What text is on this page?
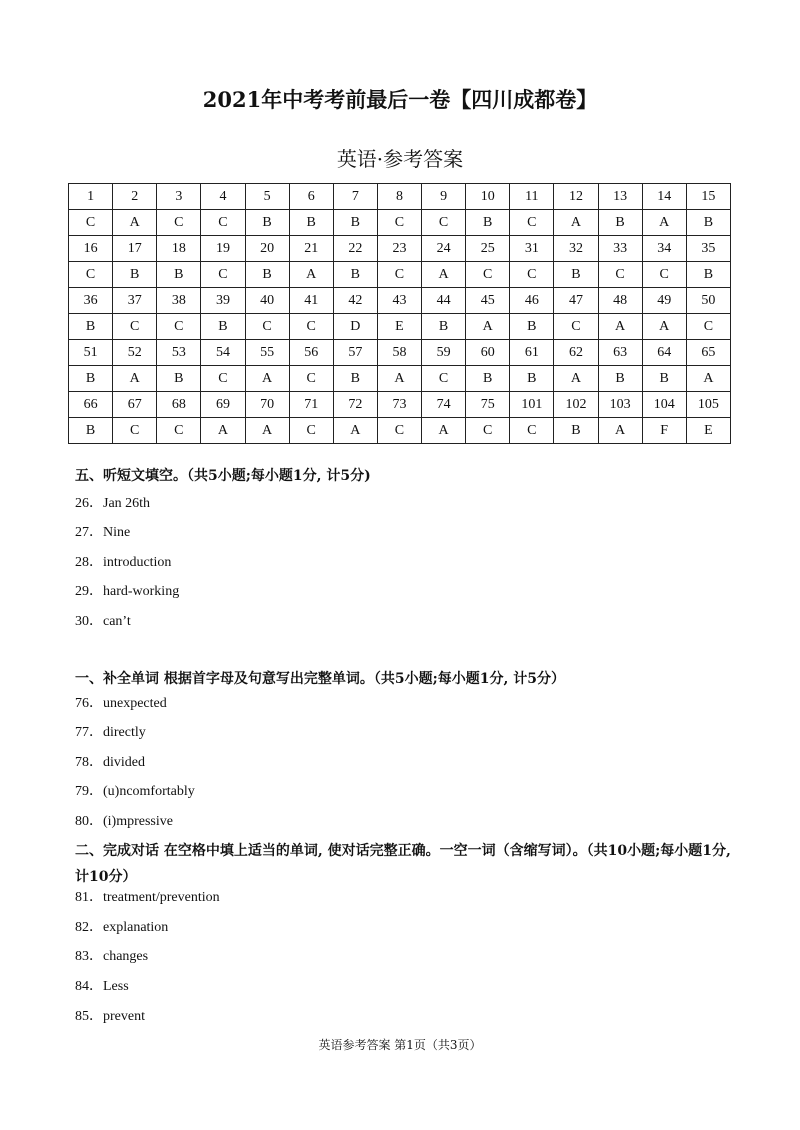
2021年中考考前最后一卷【四川成都卷】
英语·参考答案
1	2	3	4	5	6	7	8	9	10	11	12	13	14	15
C	A	C	C	B	B	B	C	C	B	C	A	B	A	B
16	17	18	19	20	21	22	23	24	25	31	32	33	34	35
C	B	B	C	B	A	B	C	A	C	C	B	C	C	B
36	37	38	39	40	41	42	43	44	45	46	47	48	49	50
B	C	C	B	C	C	D	E	B	A	B	C	A	A	C
51	52	53	54	55	56	57	58	59	60	61	62	63	64	65
B	A	B	C	A	C	B	A	C	B	B	A	B	B	A
66	67	68	69	70	71	72	73	74	75	101	102	103	104	105
B	C	C	A	A	C	A	C	A	C	C	B	A	F	E
五、听短文填空。（共5小题;每小题1分, 计5分)
26．Jan 26th
27．Nine
28．introduction
29．hard-working
30．can’t
一、补全单词 根据首字母及句意写出完整单词。（共5小题;每小题1分, 计5分）
76．unexpected
77．directly
78．divided
79．(u)ncomfortably
80．(i)mpressive
二、完成对话 在空格中填上适当的单词, 使对话完整正确。一空一词（含缩写词）。（共10小题;每小题1分, 计10分）
81．treatment/prevention
82．explanation
83．changes
84．Less
85．prevent
英语参考答案 第1页（共3页）
